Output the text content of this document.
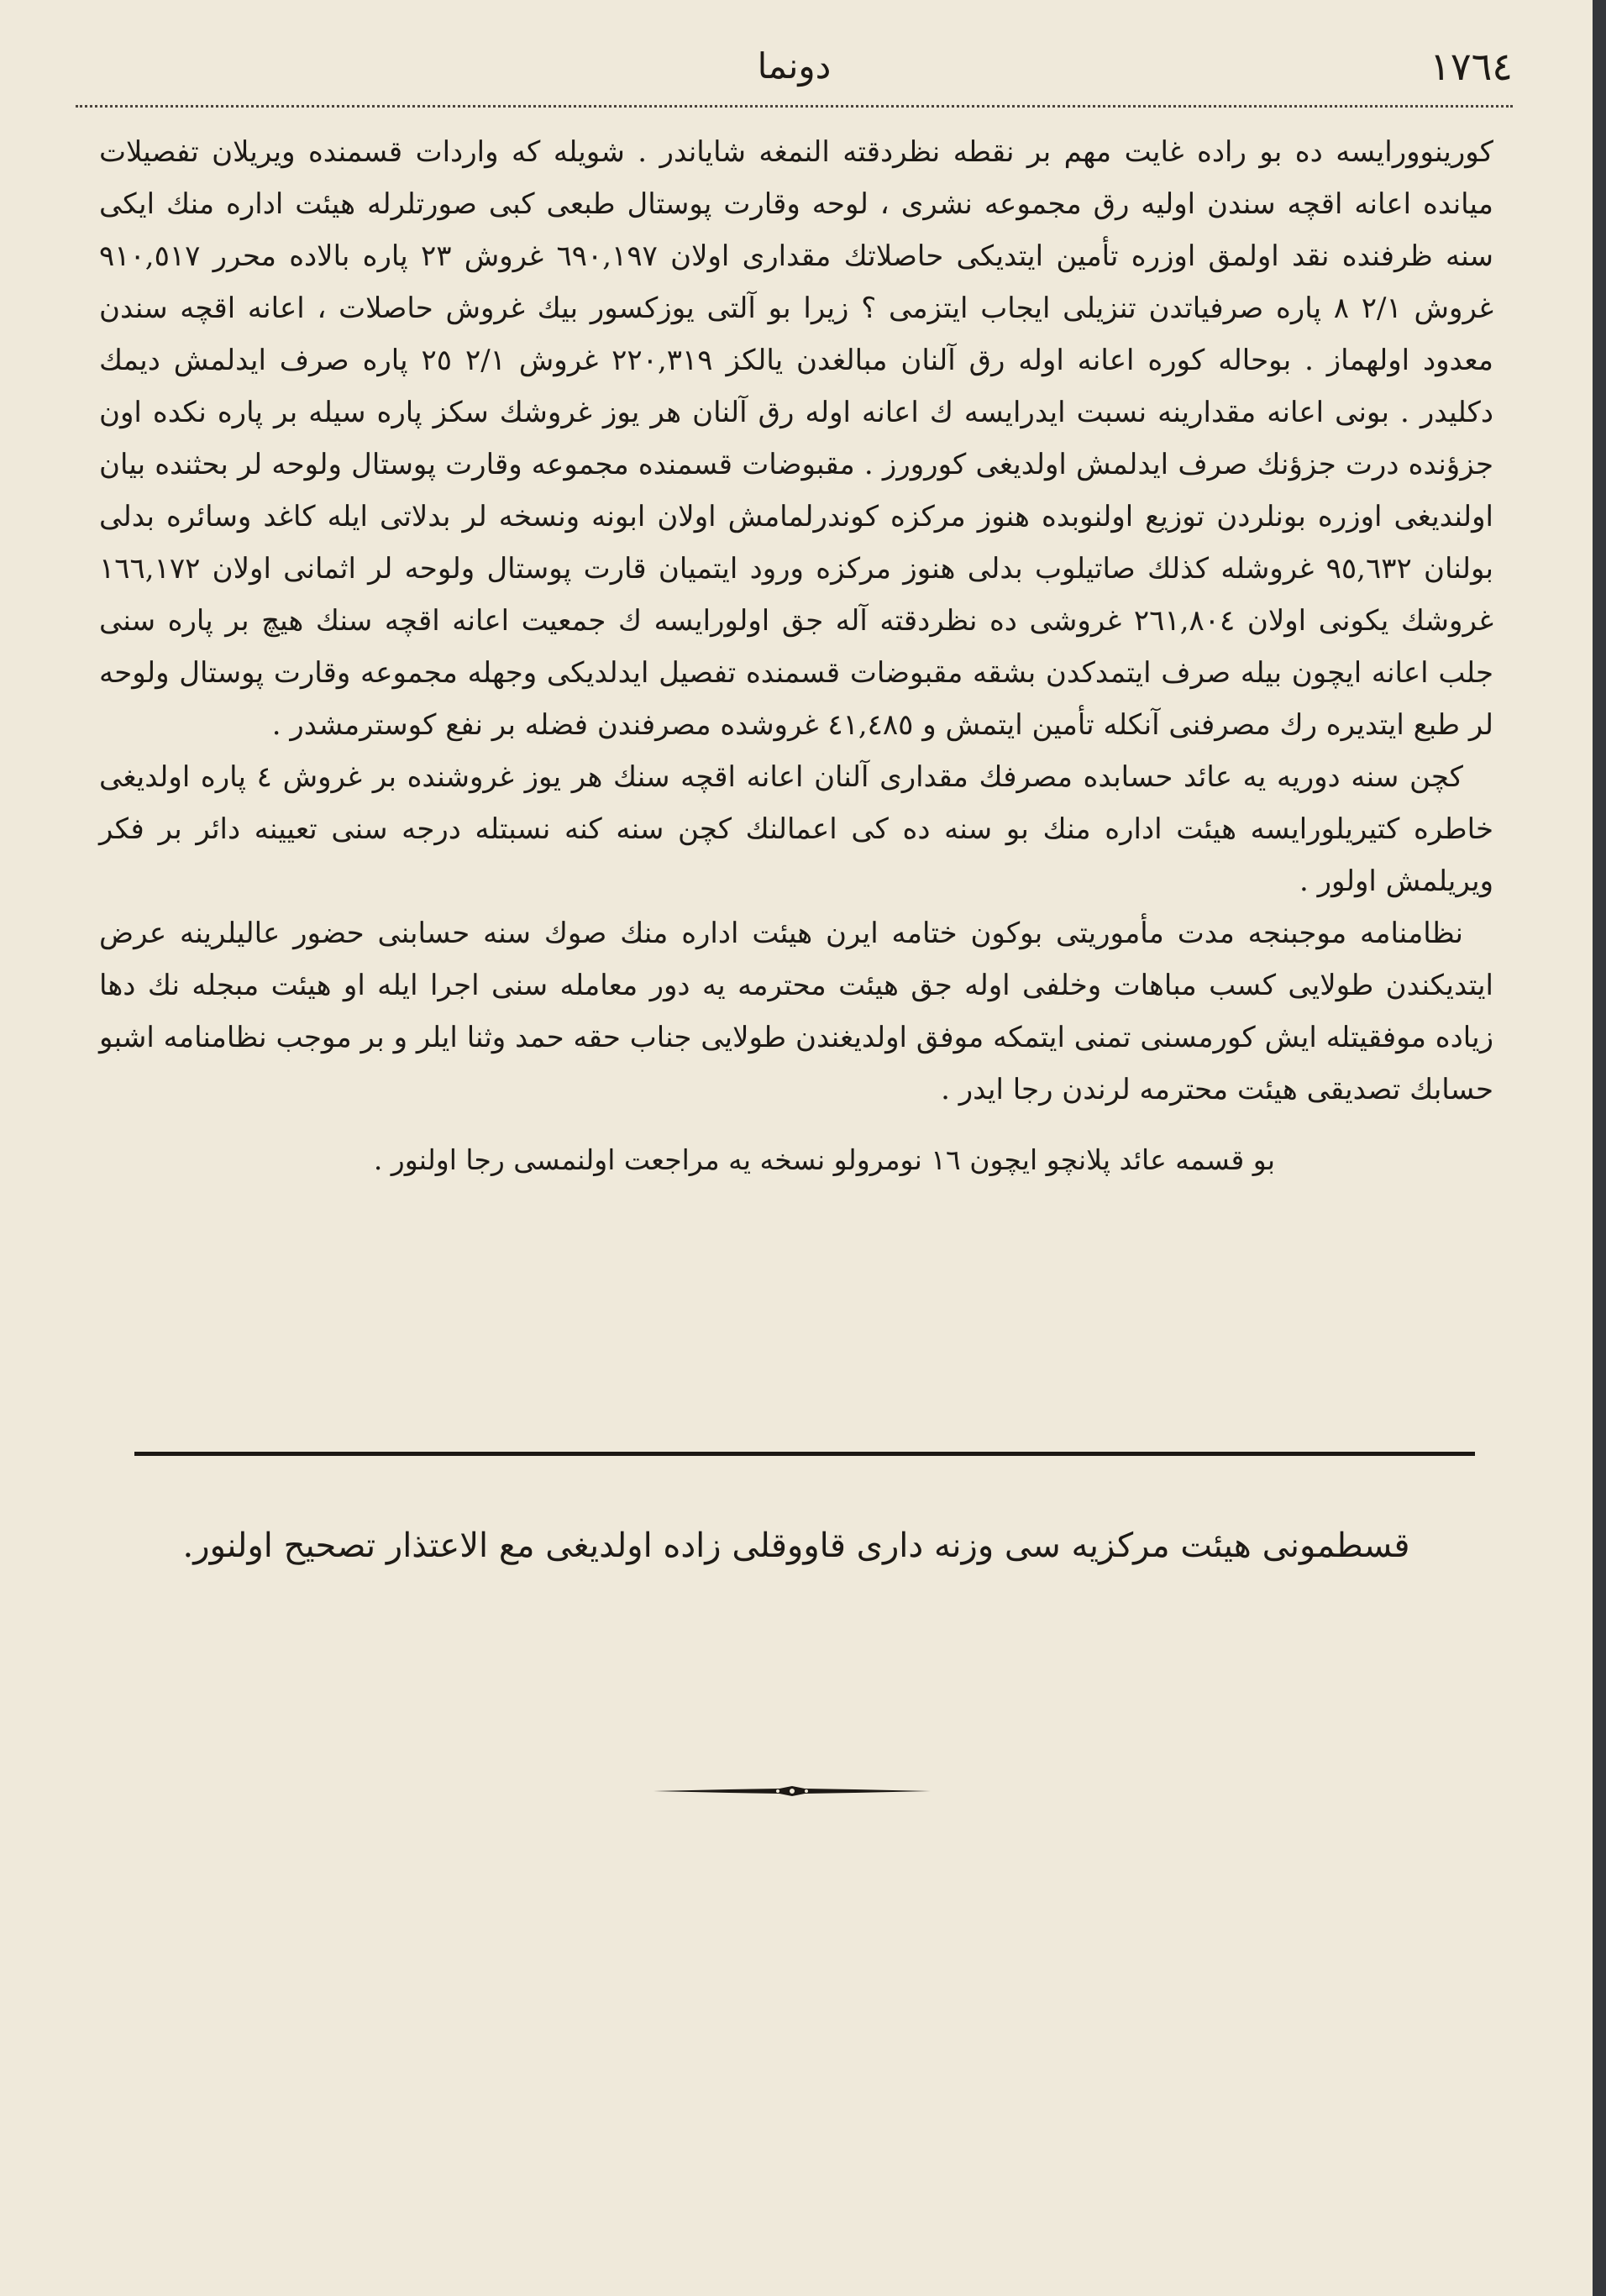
١٧٦٤
دونما

كورينوورايسه ده بو راده غايت مهم بر نقطه نظردقته النمغه شاياندر . شويله كه واردات قسمنده ويريلان تفصيلات ميانده اعانه اقچه سندن اوليه رق مجموعه نشرى ، لوحه وقارت پوستال طبعى كبى صورتلرله هيئت اداره منك ايكى سنه ظرفنده نقد اولمق اوزره تأمين ايتديكى حاصلاتك مقدارى اولان ٦٩٠,١٩٧ غروش ٢٣ پاره بالاده محرر ٩١٠,٥١٧ غروش ٢/١ ٨ پاره صرفياتدن تنزيلى ايجاب ايتزمى ؟ زيرا بو آلتى يوزكسور بيك غروش حاصلات ، اعانه اقچه سندن معدود اولهماز . بوحاله كوره اعانه اوله رق آلنان مبالغدن يالكز ٢٢٠,٣١٩ غروش ٢/١ ٢٥ پاره صرف ايدلمش ديمك دكليدر . بونى اعانه مقدارينه نسبت ايدرايسه ك اعانه اوله رق آلنان هر يوز غروشك سكز پاره سيله بر پاره نكده اون جزؤنده درت جزؤنك صرف ايدلمش اولديغى كورورز . مقبوضات قسمنده مجموعه وقارت پوستال ولوحه لر بحثنده بيان اولنديغى اوزره بونلردن توزيع اولنوبده هنوز مركزه كوندرلمامش اولان ابونه ونسخه لر بدلاتى ايله كاغد وسائره بدلى بولنان ٩٥,٦٣٢ غروشله كذلك صاتيلوب بدلى هنوز مركزه ورود ايتميان قارت پوستال ولوحه لر اثمانى اولان ١٦٦,١٧٢ غروشك يكونى اولان ٢٦١,٨٠٤ غروشى ده نظردقته آله جق اولورايسه ك جمعيت اعانه اقچه سنك هيچ بر پاره سنى جلب اعانه ايچون بيله صرف ايتمدكدن بشقه مقبوضات قسمنده تفصيل ايدلديكى وجهله مجموعه وقارت پوستال ولوحه لر طبع ايتديره رك مصرفنى آنكله تأمين ايتمش و ٤١,٤٨٥ غروشده مصرفندن فضله بر نفع كوسترمشدر .

كچن سنه دوريه يه عائد حسابده مصرفك مقدارى آلنان اعانه اقچه سنك هر يوز غروشنده بر غروش ٤ پاره اولديغى خاطره كتيريلورايسه هيئت اداره منك بو سنه ده كى اعمالنك كچن سنه كنه نسبتله درجه سنى تعيينه دائر بر فكر ويريلمش اولور .

نظامنامه موجبنجه مدت مأموريتى بوكون ختامه ايرن هيئت اداره منك صوك سنه حسابنى حضور عاليلرينه عرض ايتديكندن طولايى كسب مباهات وخلفى اوله جق هيئت محترمه يه دور معامله سنى اجرا ايله او هيئت مبجله نك دها زياده موفقيتله ايش كورمسنى تمنى ايتمكه موفق اولديغندن طولايى جناب حقه حمد وثنا ايلر و بر موجب نظامنامه اشبو حسابك تصديقى هيئت محترمه لرندن رجا ايدر .

بو قسمه عائد پلانچو ايچون ١٦ نومرولو نسخه يه مراجعت اولنمسى رجا اولنور .

قسطمونى هيئت مركزيه سى وزنه دارى قاووقلى زاده اولديغى مع الاعتذار تصحيح اولنور.
